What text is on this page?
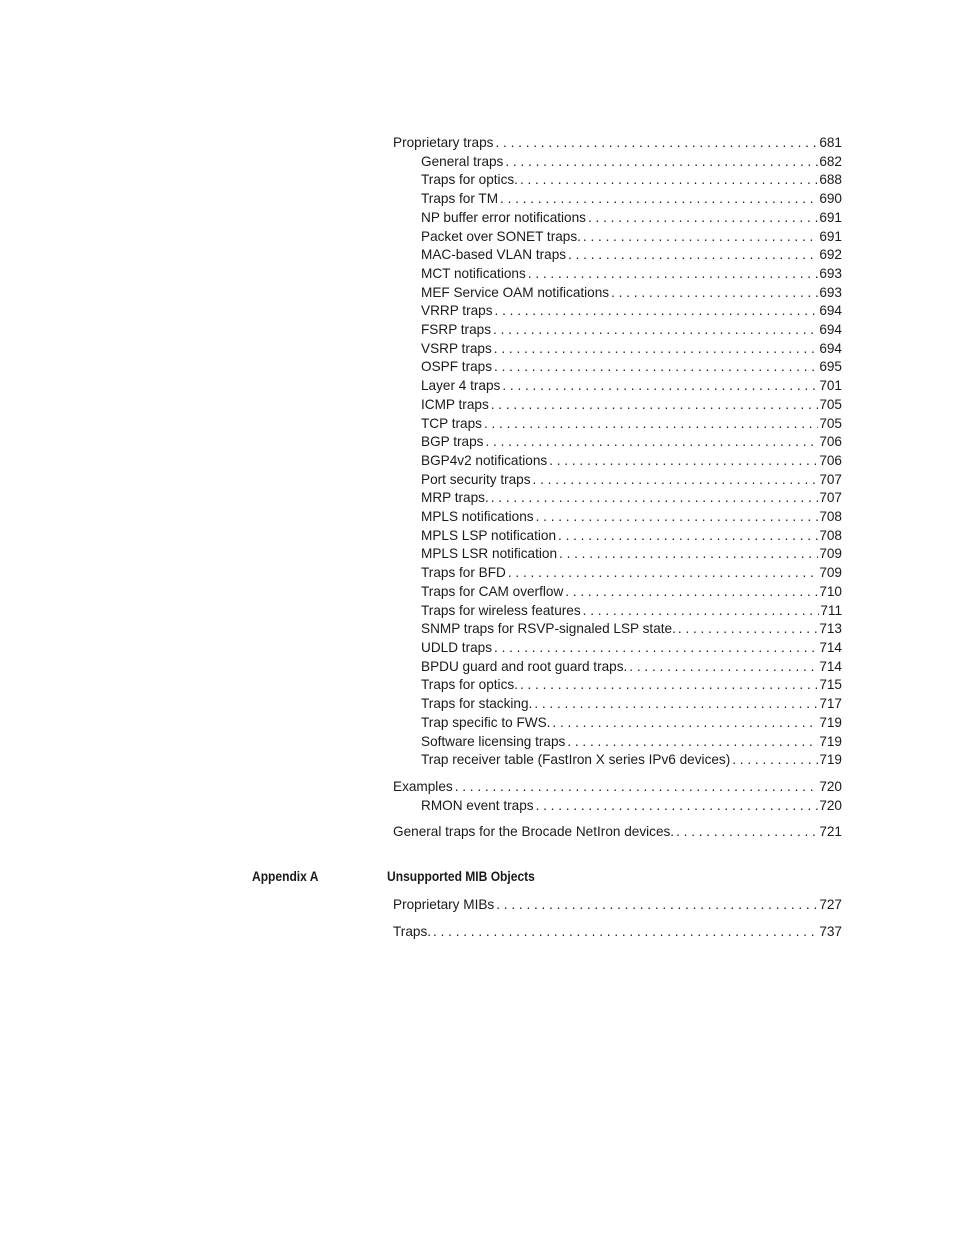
Proprietary traps . . .	681
General traps . . .	682
Traps for optics. . . .	688
Traps for TM . . .	690
NP buffer error notifications . . .	691
Packet over SONET traps. . . .	691
MAC-based VLAN traps . . .	692
MCT notifications . . .	693
MEF Service OAM notifications . . .	693
VRRP traps . . .	694
FSRP traps . . .	694
VSRP traps . . .	694
OSPF traps . . .	695
Layer 4 traps . . .	701
ICMP traps . . .	705
TCP traps . . .	705
BGP traps . . .	706
BGP4v2 notifications . . .	706
Port security traps . . .	707
MRP traps. . . .	707
MPLS notifications . . .	708
MPLS LSP notification . . .	708
MPLS LSR notification . . .	709
Traps for BFD . . .	709
Traps for CAM overflow . . .	710
Traps for wireless features . . .	711
SNMP traps for RSVP-signaled LSP state. . . .	713
UDLD traps . . .	714
BPDU guard and root guard traps. . . .	714
Traps for optics. . . .	715
Traps for stacking. . . .	717
Trap specific to FWS. . . .	719
Software licensing traps . . .	719
Trap receiver table (FastIron X series IPv6 devices) . . .	719
Examples . . .	720
RMON event traps . . .	720
General traps for the Brocade NetIron devices. . . .	721
Appendix A	Unsupported MIB Objects
Proprietary MIBs . . .	727
Traps. . . .	737
